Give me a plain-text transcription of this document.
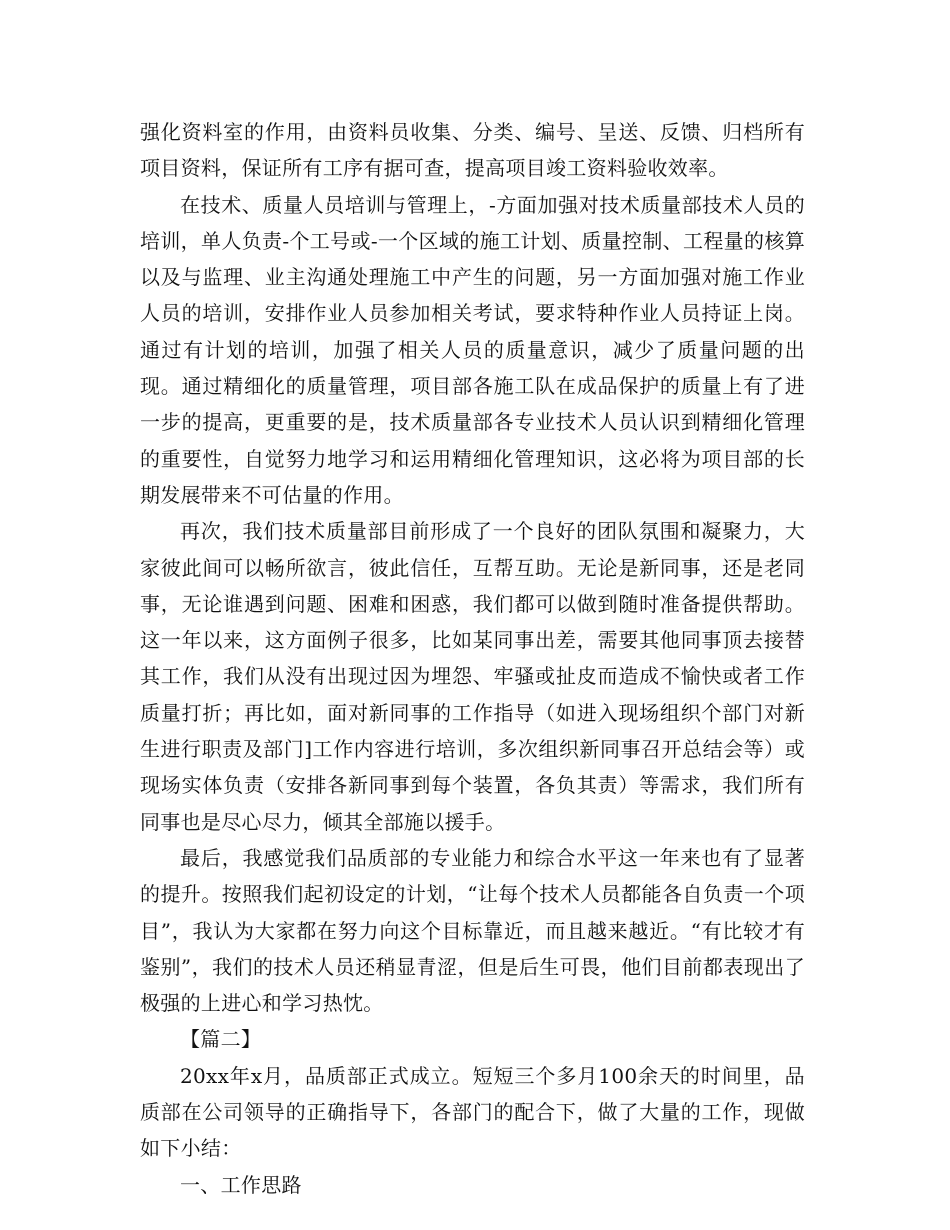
强化资料室的作用，由资料员收集、分类、编号、呈送、反馈、归档所有项目资料，保证所有工序有据可查，提高项目竣工资料验收效率。

在技术、质量人员培训与管理上，-方面加强对技术质量部技术人员的培训，单人负责-个工号或-一个区域的施工计划、质量控制、工程量的核算以及与监理、业主沟通处理施工中产生的问题，另一方面加强对施工作业人员的培训，安排作业人员参加相关考试，要求特种作业人员持证上岗。通过有计划的培训，加强了相关人员的质量意识，减少了质量问题的出现。通过精细化的质量管理，项目部各施工队在成品保护的质量上有了进一步的提高，更重要的是，技术质量部各专业技术人员认识到精细化管理的重要性，自觉努力地学习和运用精细化管理知识，这必将为项目部的长期发展带来不可估量的作用。

再次，我们技术质量部目前形成了一个良好的团队氛围和凝聚力，大家彼此间可以畅所欲言，彼此信任，互帮互助。无论是新同事，还是老同事，无论谁遇到问题、困难和困惑，我们都可以做到随时准备提供帮助。这一年以来，这方面例子很多，比如某同事出差，需要其他同事顶去接替其工作，我们从没有出现过因为埋怨、牢骚或扯皮而造成不愉快或者工作质量打折；再比如，面对新同事的工作指导（如进入现场组织个部门对新生进行职责及部门]工作内容进行培训，多次组织新同事召开总结会等）或现场实体负责（安排各新同事到每个装置，各负其责）等需求，我们所有同事也是尽心尽力，倾其全部施以援手。

最后，我感觉我们品质部的专业能力和综合水平这一年来也有了显著的提升。按照我们起初设定的计划，“让每个技术人员都能各自负责一个项目”，我认为大家都在努力向这个目标靠近，而且越来越近。“有比较才有鉴别”，我们的技术人员还稍显青涩，但是后生可畏，他们目前都表现出了极强的上进心和学习热忱。

【篇二】

20xx年x月，品质部正式成立。短短三个多月100余天的时间里，品质部在公司领导的正确指导下，各部门的配合下，做了大量的工作，现做如下小结：

一、工作思路
